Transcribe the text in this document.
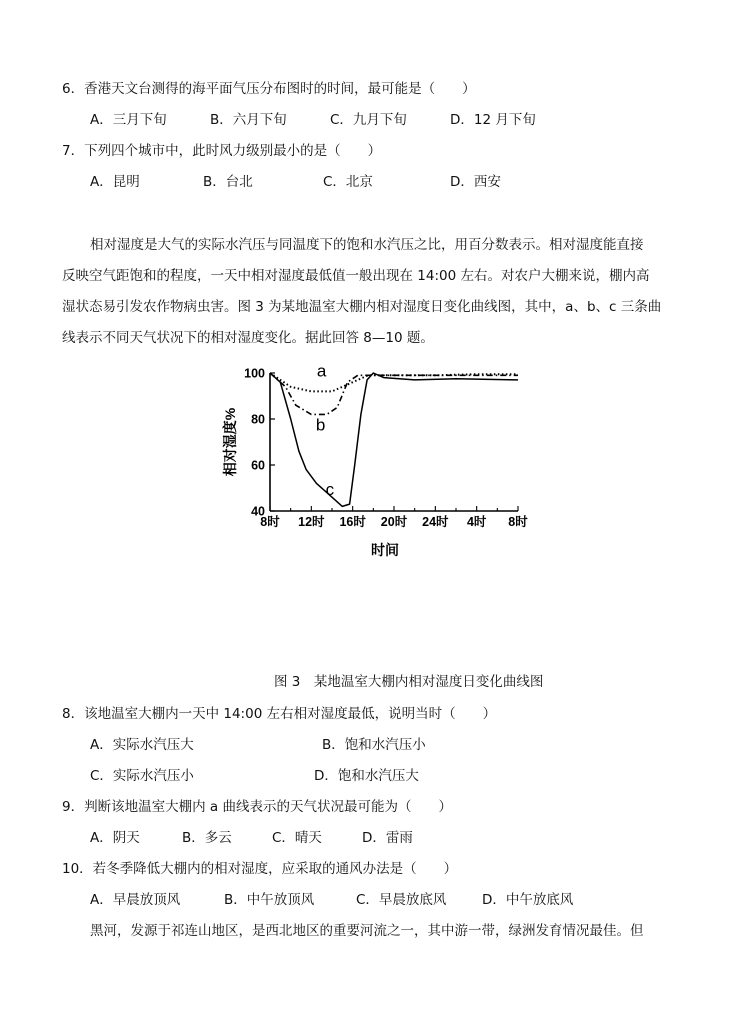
6．香港天文台测得的海平面气压分布图时的时间，最可能是（　　）
A．三月下旬	B．六月下旬	C．九月下旬	D．12 月下旬
7．下列四个城市中，此时风力级别最小的是（　　）
A．昆明	B．台北	C．北京	D．西安
相对湿度是大气的实际水汽压与同温度下的饱和水汽压之比，用百分数表示。相对湿度能直接
反映空气距饱和的程度，一天中相对湿度最低值一般出现在 14:00 左右。对农户大棚来说，棚内高
湿状态易引发农作物病虫害。图 3 为某地温室大棚内相对湿度日变化曲线图，其中，a、b、c 三条曲
线表示不同天气状况下的相对湿度变化。据此回答 8—10 题。
40
60
80
100
8时 12时 16时 20时 24时 4时 8时
相对湿度%
时间
a
b
c
图 3　某地温室大棚内相对湿度日变化曲线图
8．该地温室大棚内一天中 14:00 左右相对湿度最低，说明当时（　　）
A．实际水汽压大	B．饱和水汽压小
C．实际水汽压小	D．饱和水汽压大
9．判断该地温室大棚内 a 曲线表示的天气状况最可能为（　　）
A．阴天	B．多云	C．晴天	D．雷雨
10．若冬季降低大棚内的相对湿度，应采取的通风办法是（　　）
A．早晨放顶风	B．中午放顶风	C．早晨放底风	D．中午放底风
黑河，发源于祁连山地区，是西北地区的重要河流之一，其中游一带，绿洲发育情况最佳。但
